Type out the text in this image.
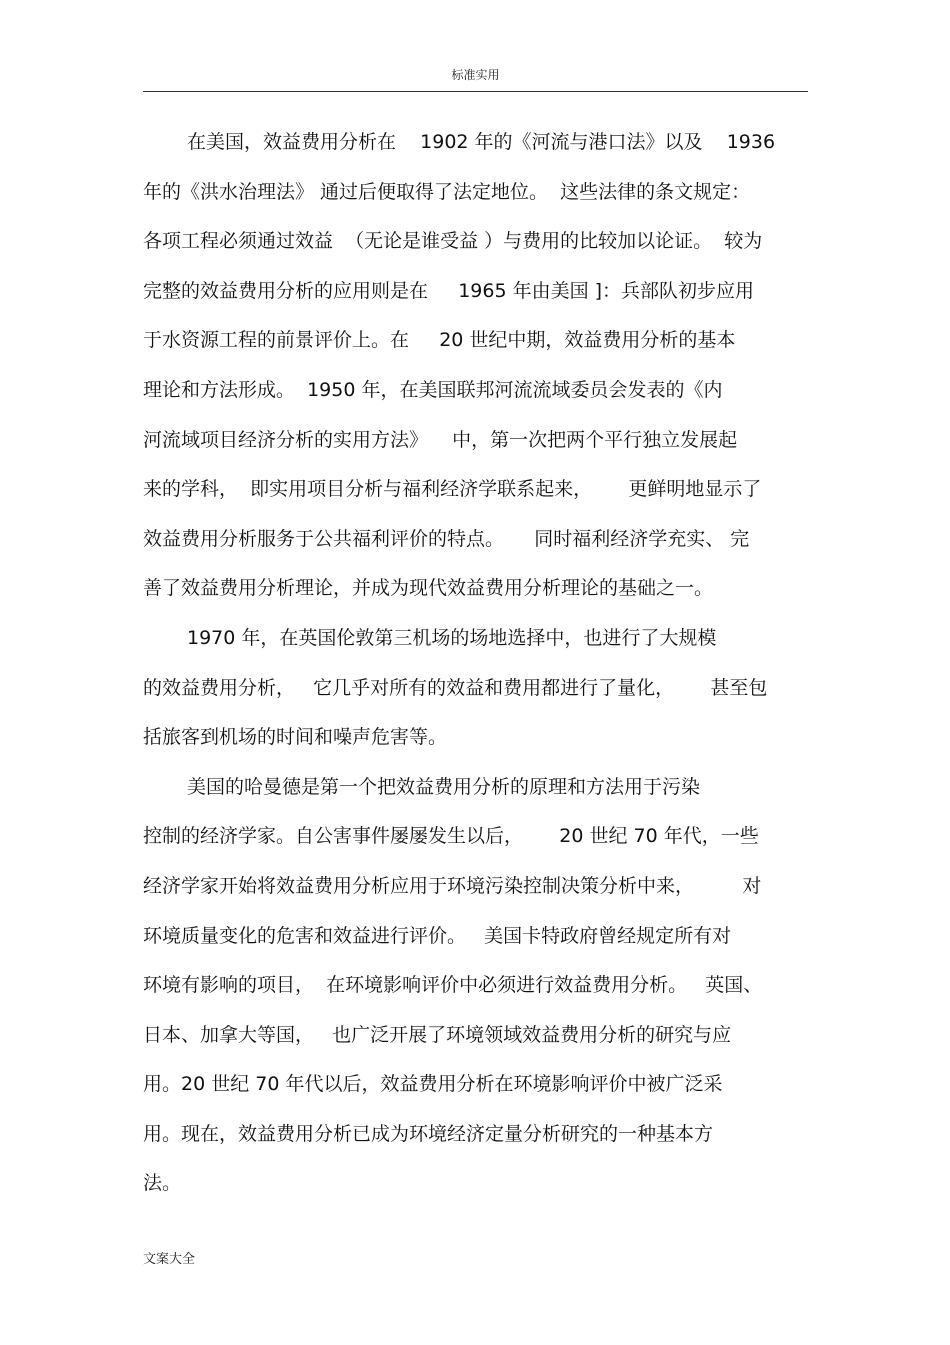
标准实用
在美国，效益费用分析在    1902 年的《河流与港口法》以及    1936
年的《洪水治理法》 通过后便取得了法定地位。  这些法律的条文规定：
各项工程必须通过效益  （无论是谁受益 ）与费用的比较加以论证。  较为
完整的效益费用分析的应用则是在     1965 年由美国 ]：兵部队初步应用
于水资源工程的前景评价上。在     20 世纪中期，效益费用分析的基本
理论和方法形成。  1950 年，在美国联邦河流流域委员会发表的《内
河流域项目经济分析的实用方法》    中，第一次把两个平行独立发展起
来的学科，  即实用项目分析与福利经济学联系起来，      更鲜明地显示了
效益费用分析服务于公共福利评价的特点。     同时福利经济学充实、 完
善了效益费用分析理论，并成为现代效益费用分析理论的基础之一。
1970 年，在英国伦敦第三机场的场地选择中，也进行了大规模
的效益费用分析，   它几乎对所有的效益和费用都进行了量化，      甚至包
括旅客到机场的时间和噪声危害等。
美国的哈曼德是第一个把效益费用分析的原理和方法用于污染
控制的经济学家。自公害事件屡屡发生以后，      20 世纪 70 年代，一些
经济学家开始将效益费用分析应用于环境污染控制决策分析中来，        对
环境质量变化的危害和效益进行评价。   美国卡特政府曾经规定所有对
环境有影响的项目，  在环境影响评价中必须进行效益费用分析。   英国、
日本、加拿大等国，   也广泛开展了环境领域效益费用分析的研究与应
用。20 世纪 70 年代以后，效益费用分析在环境影响评价中被广泛采
用。现在，效益费用分析已成为环境经济定量分析研究的一种基本方
法。
文案大全
